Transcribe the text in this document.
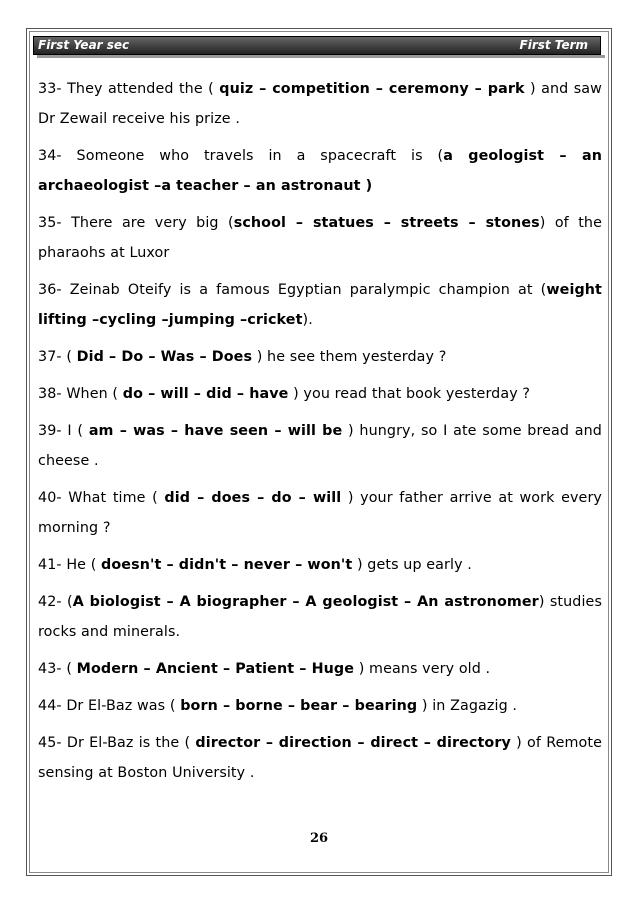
First Year sec	First Term

33- They attended the ( quiz – competition – ceremony – park ) and saw Dr Zewail receive his prize .

34- Someone who travels in a spacecraft is (a geologist – an archaeologist –a teacher – an astronaut )

35- There are very big (school – statues – streets – stones) of the pharaohs at Luxor

36- Zeinab Oteify is a famous Egyptian paralympic champion at (weight lifting –cycling –jumping –cricket).

37- ( Did – Do – Was – Does ) he see them yesterday ?

38- When ( do – will – did – have ) you read that book yesterday ?

39- I ( am – was – have seen – will be ) hungry, so I ate some bread and cheese .

40- What time ( did – does – do – will ) your father arrive at work every morning ?

41- He ( doesn't – didn't – never – won't ) gets up early .

42- (A biologist – A biographer – A geologist – An astronomer) studies rocks and minerals.

43- ( Modern – Ancient – Patient – Huge ) means very old .

44- Dr El-Baz was ( born – borne – bear – bearing ) in Zagazig .

45- Dr El-Baz is the ( director – direction – direct – directory ) of Remote sensing at Boston University .

26
